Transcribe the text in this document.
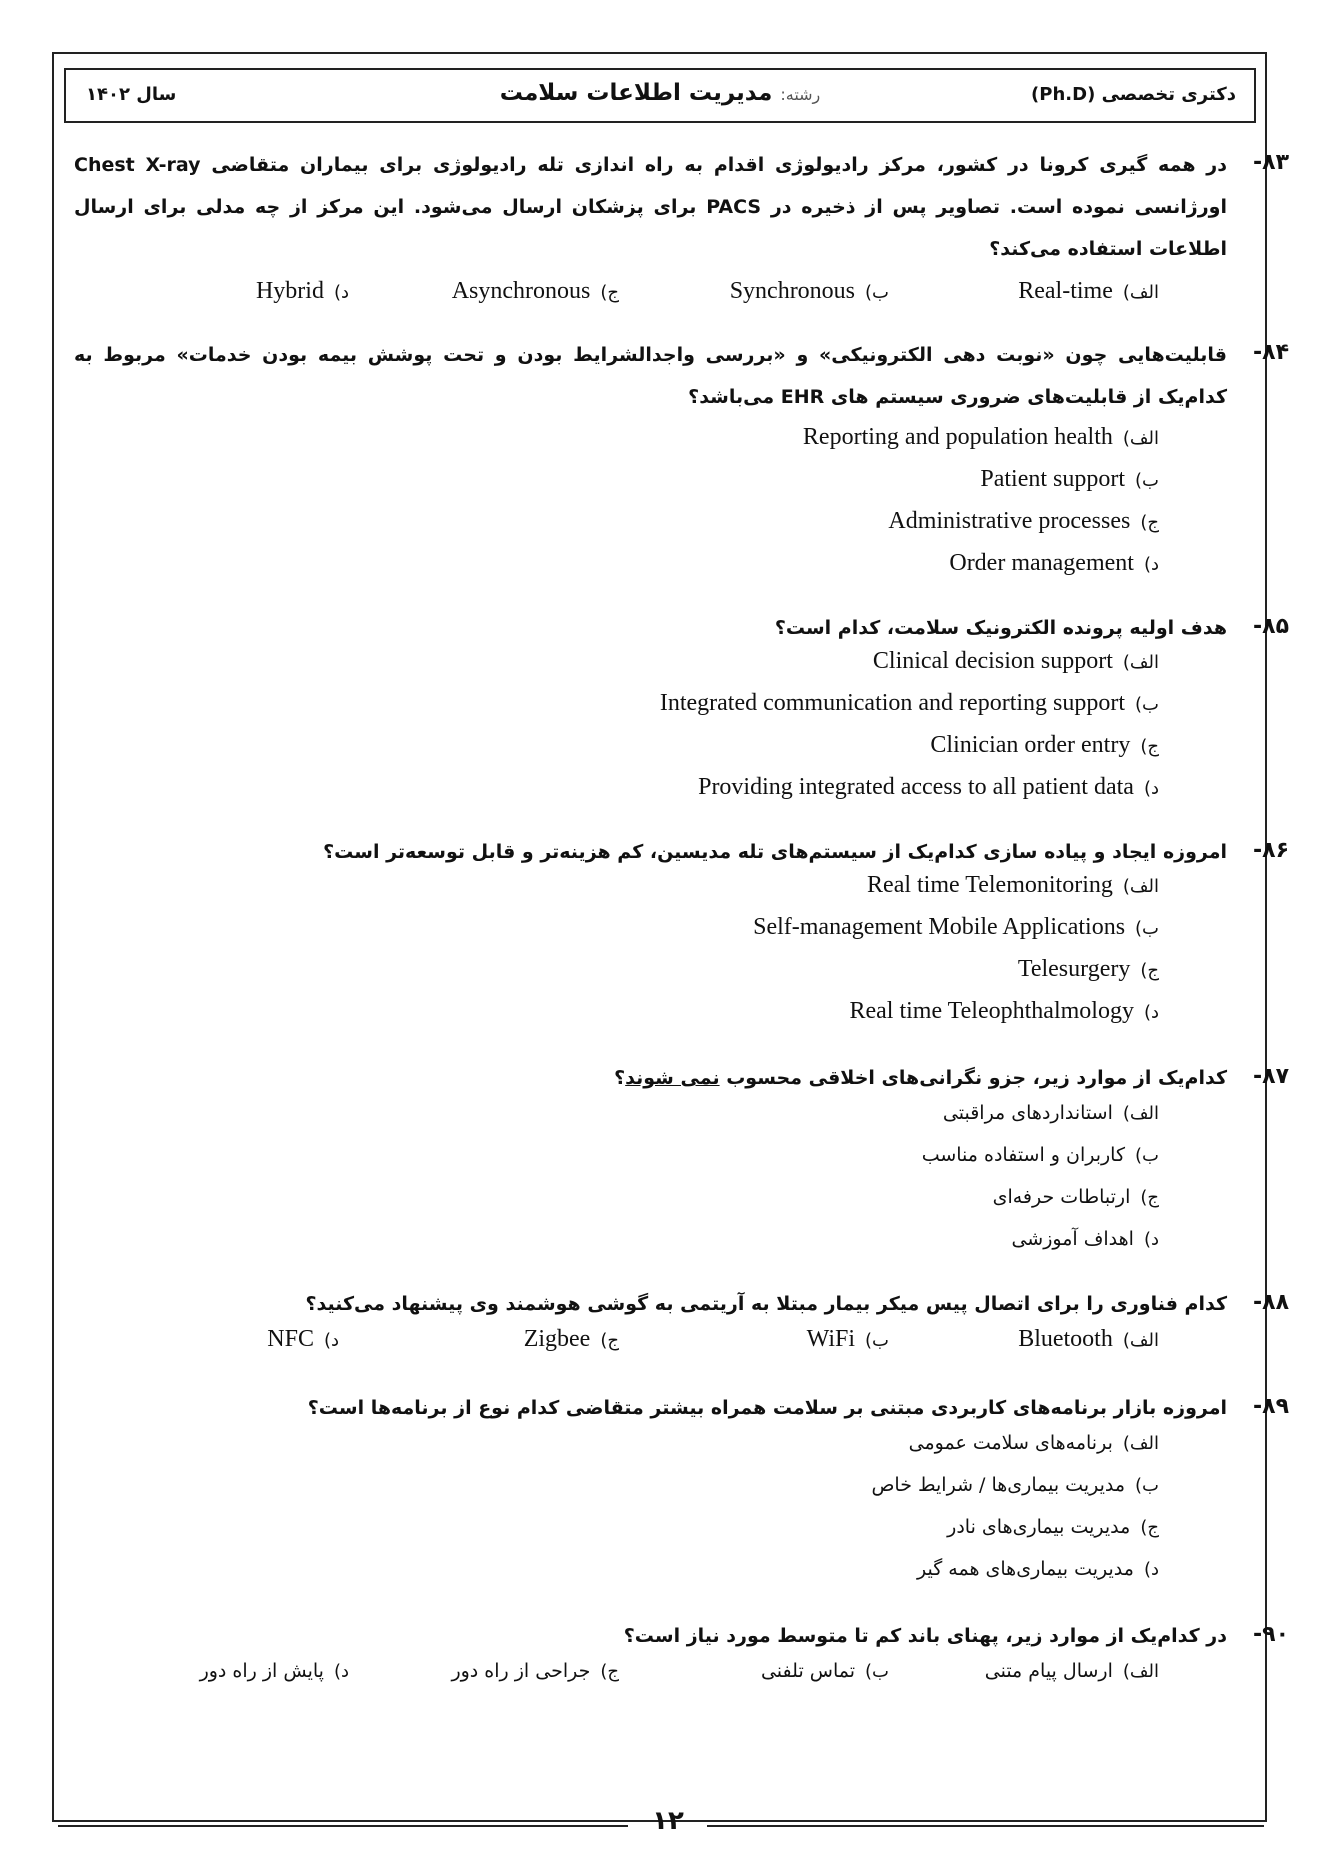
دکتری تخصصی (Ph.D)
رشته: مدیریت اطلاعات سلامت
سال ۱۴۰۲
۸۳-
در همه گیری کرونا در کشور، مرکز رادیولوژی اقدام به راه اندازی تله رادیولوژی برای بیماران متقاضی Chest X-ray اورژانسی نموده است. تصاویر پس از ذخیره در PACS برای پزشکان ارسال می‌شود. این مرکز از چه مدلی برای ارسال اطلاعات استفاده می‌کند؟
الف)Real-time
ب)Synchronous
ج)Asynchronous
د)Hybrid
۸۴-
قابلیت‌هایی چون «نوبت دهی الکترونیکی» و «بررسی واجدالشرایط بودن و تحت پوشش بیمه بودن خدمات» مربوط به کدام‌یک از قابلیت‌های ضروری سیستم های EHR می‌باشد؟
الف)Reporting and population health
ب)Patient support
ج)Administrative processes
د)Order management
۸۵-
هدف اولیه پرونده الکترونیک سلامت، کدام است؟
الف)Clinical decision support
ب)Integrated communication and reporting support
ج)Clinician order entry
د)Providing integrated access to all patient data
۸۶-
امروزه ایجاد و پیاده سازی کدام‌یک از سیستم‌های تله مدیسین، کم هزینه‌تر و قابل توسعه‌تر است؟
الف)Real time Telemonitoring
ب)Self-management Mobile Applications
ج)Telesurgery
د)Real time Teleophthalmology
۸۷-
کدام‌یک از موارد زیر، جزو نگرانی‌های اخلاقی محسوب نمی شوند؟
الف)استانداردهای مراقبتی
ب)کاربران و استفاده مناسب
ج)ارتباطات حرفه‌ای
د)اهداف آموزشی
۸۸-
کدام فناوری را برای اتصال پیس میکر بیمار مبتلا به آریتمی به گوشی هوشمند وی پیشنهاد می‌کنید؟
الف)Bluetooth
ب)WiFi
ج)Zigbee
د)NFC
۸۹-
امروزه بازار برنامه‌های کاربردی مبتنی بر سلامت همراه بیشتر متقاضی کدام نوع از برنامه‌ها است؟
الف)برنامه‌های سلامت عمومی
ب)مدیریت بیماری‌ها / شرایط خاص
ج)مدیریت بیماری‌های نادر
د)مدیریت بیماری‌های همه گیر
۹۰-
در کدام‌یک از موارد زیر، پهنای باند کم تا متوسط مورد نیاز است؟
الف)ارسال پیام متنی
ب)تماس تلفنی
ج)جراحی از راه دور
د)پایش از راه دور
۱۲
